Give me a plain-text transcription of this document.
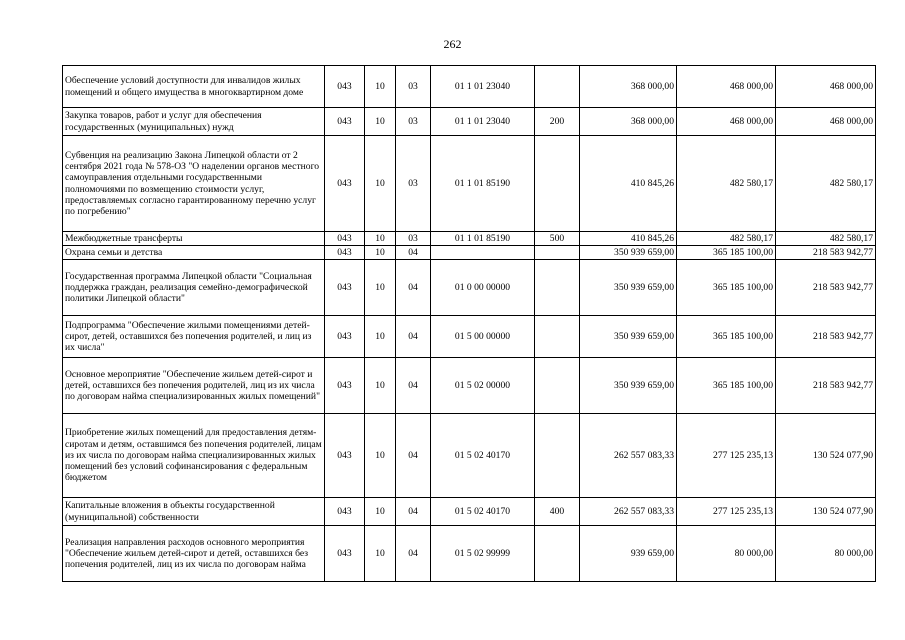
262
Обеспечение условий доступности для инвалидов жилых помещений и общего имущества в многоквартирном доме	043	10	03	01 1 01 23040		368 000,00	468 000,00	468 000,00
Закупка товаров, работ и услуг для обеспечения государственных (муниципальных) нужд	043	10	03	01 1 01 23040	200	368 000,00	468 000,00	468 000,00
Субвенция на реализацию Закона Липецкой области от 2 сентября 2021 года № 578-ОЗ "О наделении органов местного самоуправления отдельными государственными полномочиями по возмещению стоимости услуг, предоставляемых согласно гарантированному перечню услуг по погребению"	043	10	03	01 1 01 85190		410 845,26	482 580,17	482 580,17
Межбюджетные трансферты	043	10	03	01 1 01 85190	500	410 845,26	482 580,17	482 580,17
Охрана семьи и детства	043	10	04			350 939 659,00	365 185 100,00	218 583 942,77
Государственная программа Липецкой области "Социальная поддержка граждан, реализация семейно-демографической политики Липецкой области"	043	10	04	01 0 00 00000		350 939 659,00	365 185 100,00	218 583 942,77
Подпрограмма "Обеспечение жилыми помещениями детей-сирот, детей, оставшихся без попечения родителей, и лиц из их числа"	043	10	04	01 5 00 00000		350 939 659,00	365 185 100,00	218 583 942,77
Основное мероприятие "Обеспечение жильем детей-сирот и детей, оставшихся без попечения родителей, лиц из их числа по договорам найма специализированных жилых помещений"	043	10	04	01 5 02 00000		350 939 659,00	365 185 100,00	218 583 942,77
Приобретение жилых помещений для предоставления детям-сиротам и детям, оставшимся без попечения родителей, лицам из их числа по договорам найма специализированных жилых помещений без условий софинансирования с федеральным бюджетом	043	10	04	01 5 02 40170		262 557 083,33	277 125 235,13	130 524 077,90
Капитальные вложения в объекты государственной (муниципальной) собственности	043	10	04	01 5 02 40170	400	262 557 083,33	277 125 235,13	130 524 077,90
Реализация направления расходов основного мероприятия "Обеспечение жильем детей-сирот и детей, оставшихся без попечения родителей, лиц из их числа по договорам найма	043	10	04	01 5 02 99999		939 659,00	80 000,00	80 000,00
